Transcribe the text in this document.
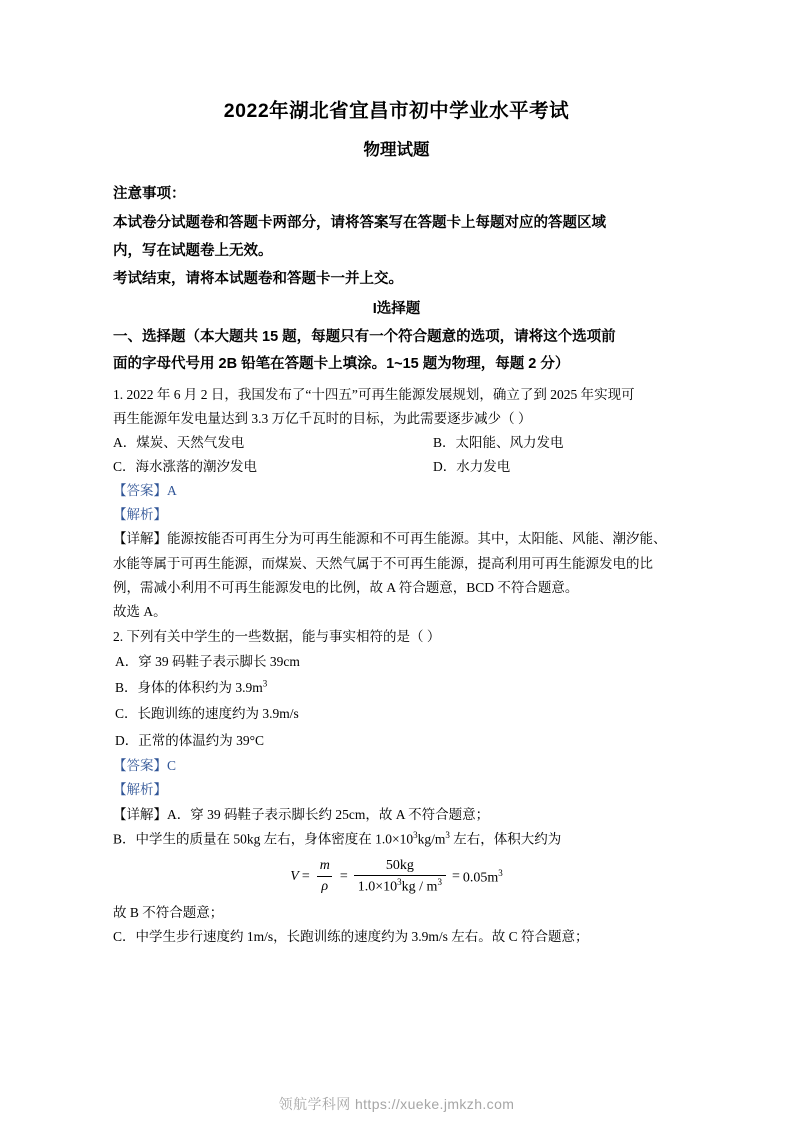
2022年湖北省宜昌市初中学业水平考试
物理试题

注意事项：

本试卷分试题卷和答题卡两部分，请将答案写在答题卡上每题对应的答题区域

内，写在试题卷上无效。

考试结束，请将本试题卷和答题卡一并上交。

I选择题

一、选择题（本大题共 15 题，每题只有一个符合题意的选项，请将这个选项前

面的字母代号用 2B 铅笔在答题卡上填涂。1~15 题为物理，每题 2 分）

1. 2022 年 6 月 2 日，我国发布了“十四五”可再生能源发展规划，确立了到 2025 年实现可

再生能源年发电量达到 3.3 万亿千瓦时的目标，为此需要逐步减少（ ）

A．煤炭、天然气发电	B．太阳能、风力发电
C．海水涨落的潮汐发电	D．水力发电

【答案】A

【解析】

【详解】能源按能否可再生分为可再生能源和不可再生能源。其中，太阳能、风能、潮汐能、

水能等属于可再生能源，而煤炭、天然气属于不可再生能源，提高利用可再生能源发电的比

例，需减小利用不可再生能源发电的比例，故 A 符合题意，BCD 不符合题意。

故选 A。

2. 下列有关中学生的一些数据，能与事实相符的是（ ）

A．穿 39 码鞋子表示脚长 39cm

B．身体的体积约为 $3.9m^3$

C．长跑训练的速度约为 3.9m/s

D．正常的体温约为 39°C

【答案】C

【解析】

【详解】A．穿 39 码鞋子表示脚长约 25cm，故 A 不符合题意；

B．中学生的质量在 50kg 左右，身体密度在 $1.0\times 10^3kg/m^3$ 左右，体积大约为

$V = \frac{m}{\rho} = \frac{50kg}{1.0\times 10^3kg / m^3} = 0.05m^3$

故 B 不符合题意；

C．中学生步行速度约 1m/s，长跑训练的速度约为 3.9m/s 左右。故 C 符合题意；

领航学科网 https://xueke.jmkzh.com
